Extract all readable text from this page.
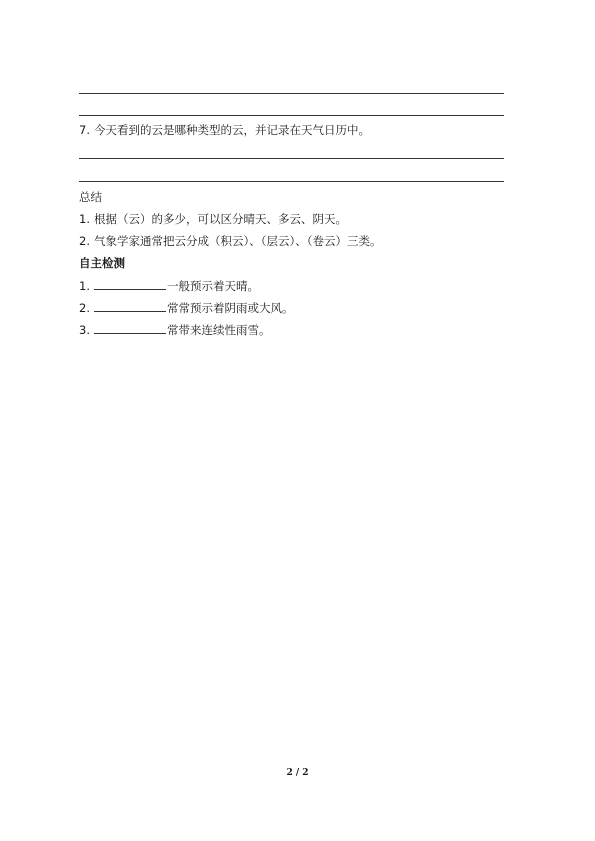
7. 今天看到的云是哪种类型的云，并记录在天气日历中。
总结
1. 根据（云）的多少，可以区分晴天、多云、阴天。
2. 气象学家通常把云分成（积云）、（层云）、（卷云）三类。
自主检测
1.	一般预示着天晴。
2.	常常预示着阴雨或大风。
3.	常带来连续性雨雪。
2 / 2
